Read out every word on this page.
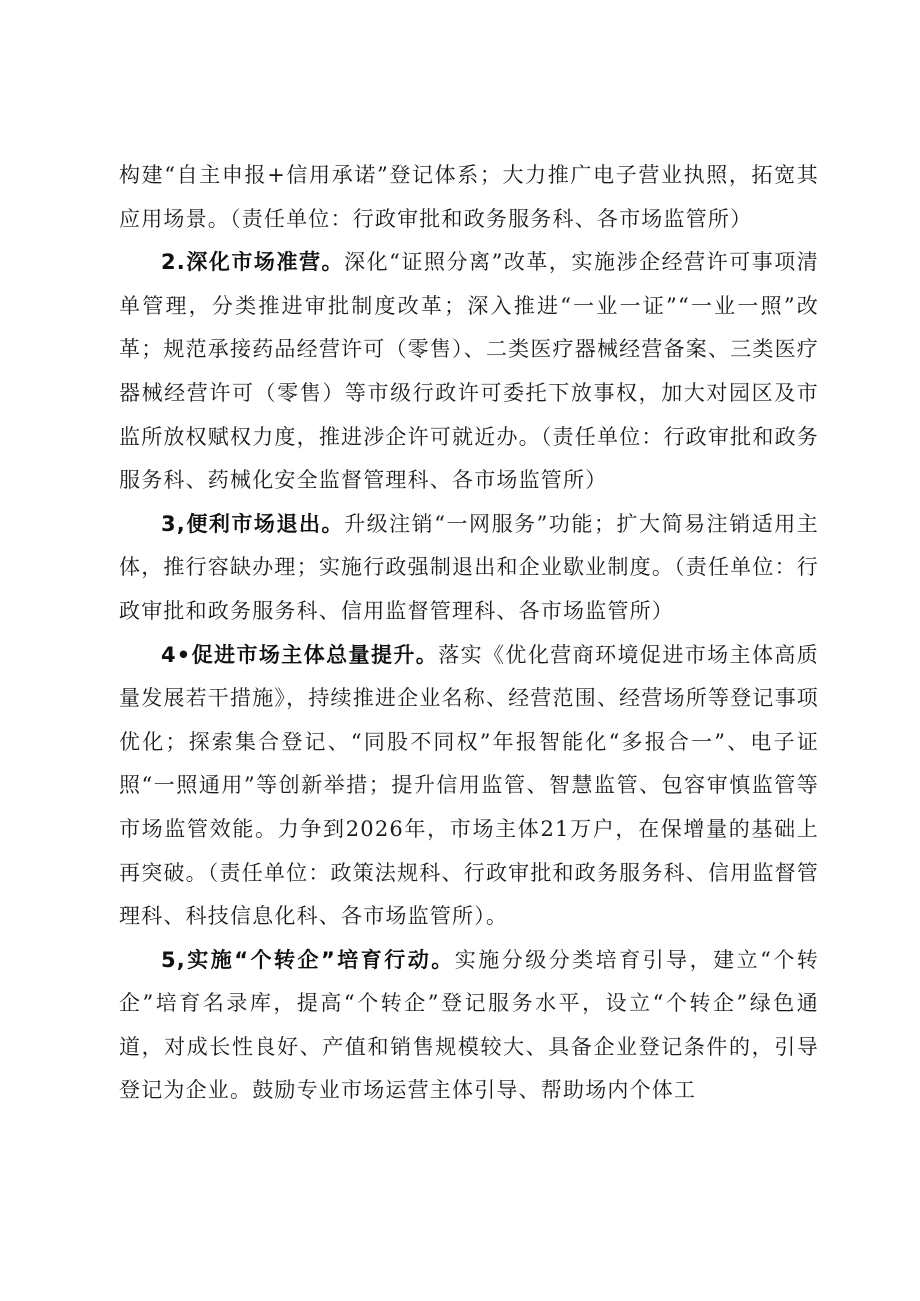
构建“自主申报+信用承诺”登记体系；大力推广电子营业执照，拓宽其应用场景。（责任单位：行政审批和政务服务科、各市场监管所）

2.深化市场准营。深化“证照分离”改革，实施涉企经营许可事项清单管理，分类推进审批制度改革；深入推进“一业一证”“一业一照”改革；规范承接药品经营许可（零售）、二类医疗器械经营备案、三类医疗器械经营许可（零售）等市级行政许可委托下放事权，加大对园区及市监所放权赋权力度，推进涉企许可就近办。（责任单位：行政审批和政务服务科、药械化安全监督管理科、各市场监管所）

3,便利市场退出。升级注销“一网服务”功能；扩大简易注销适用主体，推行容缺办理；实施行政强制退出和企业歇业制度。（责任单位：行政审批和政务服务科、信用监督管理科、各市场监管所）

4•促进市场主体总量提升。落实《优化营商环境促进市场主体高质量发展若干措施》，持续推进企业名称、经营范围、经营场所等登记事项优化；探索集合登记、“同股不同权”年报智能化“多报合一”、电子证照“一照通用”等创新举措；提升信用监管、智慧监管、包容审慎监管等市场监管效能。力争到2026年，市场主体21万户，在保增量的基础上再突破。（责任单位：政策法规科、行政审批和政务服务科、信用监督管理科、科技信息化科、各市场监管所）。

5,实施“个转企”培育行动。实施分级分类培育引导，建立“个转企”培育名录库，提高“个转企”登记服务水平，设立“个转企”绿色通道，对成长性良好、产值和销售规模较大、具备企业登记条件的，引导登记为企业。鼓励专业市场运营主体引导、帮助场内个体工
